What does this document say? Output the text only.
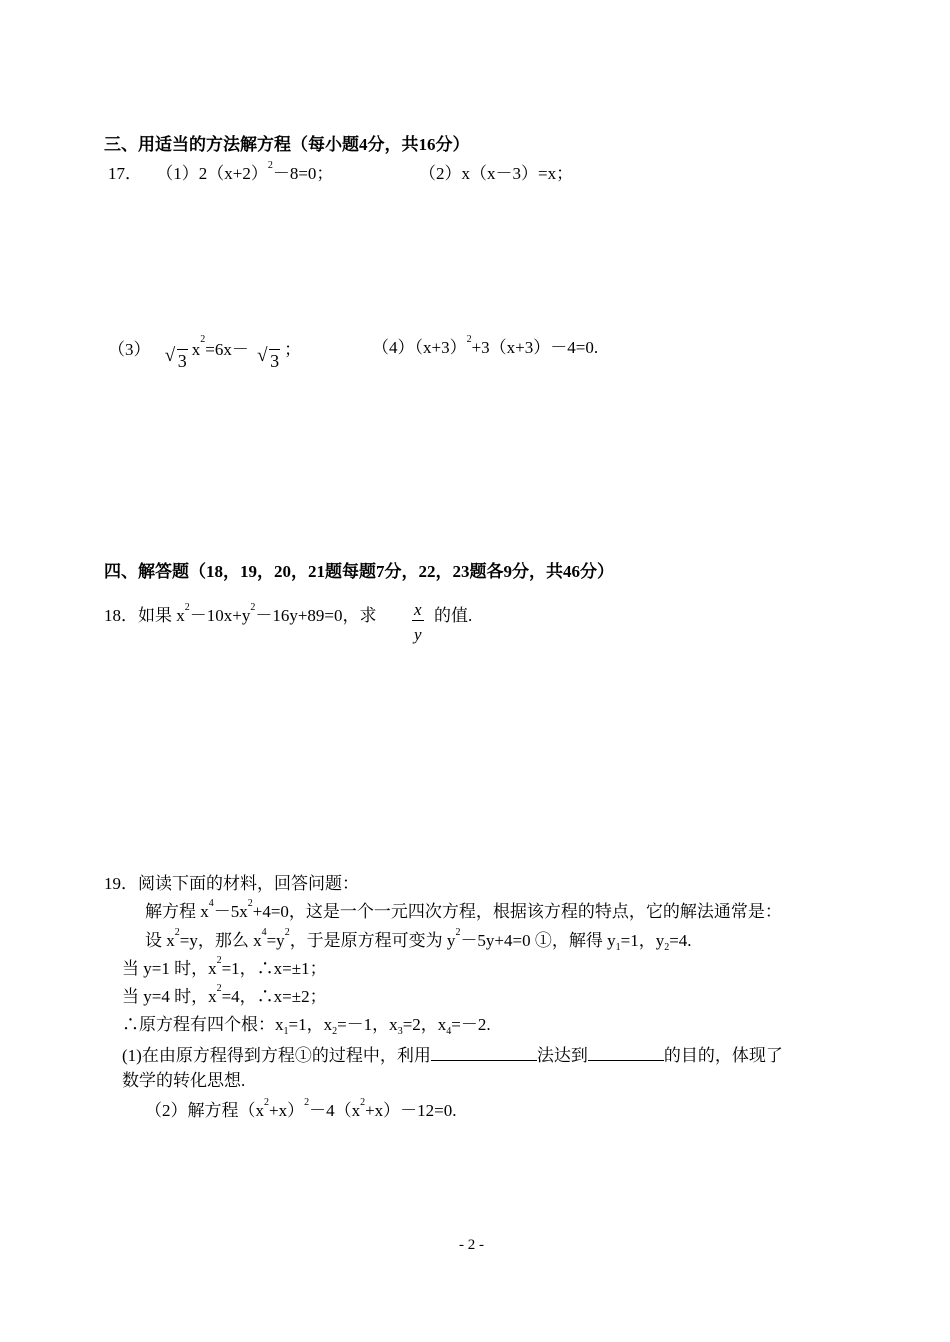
三、用适当的方法解方程（每小题4分，共16分）
17． $(1)2(x+2)^2-8=0$；	（2）x（x－3）=x；
（3） √ $3x^2=6x-$ √ 3；	$(4)(x+3)^2+3(x+3)-4=0$.
四、解答题（18，19，20，21题每题7分，22，23题各9分，共46分）
18．如果 $x^2-10x+y^2-16y+89=0$，求 $\frac{x}{y}$ 的值.
19．阅读下面的材料，回答问题：
解方程 $x^4-5x^2+4=0$，这是一个一元四次方程，根据该方程的特点，它的解法通常是：
设 $x^2=y$，那么 $x^4=y^2$，于是原方程可变为 $y^2-5y+4=0$ ①，解得 $y_1=1$，$y_2=4$.
当 y=1 时，$x^2=1$，∴x=±1；
当 y=4 时，$x^2=4$，∴x=±2；
∴原方程有四个根：$x_1=1$，$x_2=-1$，$x_3=2$，$x_4=-2$.
(1)在由原方程得到方程①的过程中，利用	法达到	的目的，体现了
数学的转化思想.
（2）解方程$(x^2+x)^2-4(x^2+x)-12=0$.
- 2 -
